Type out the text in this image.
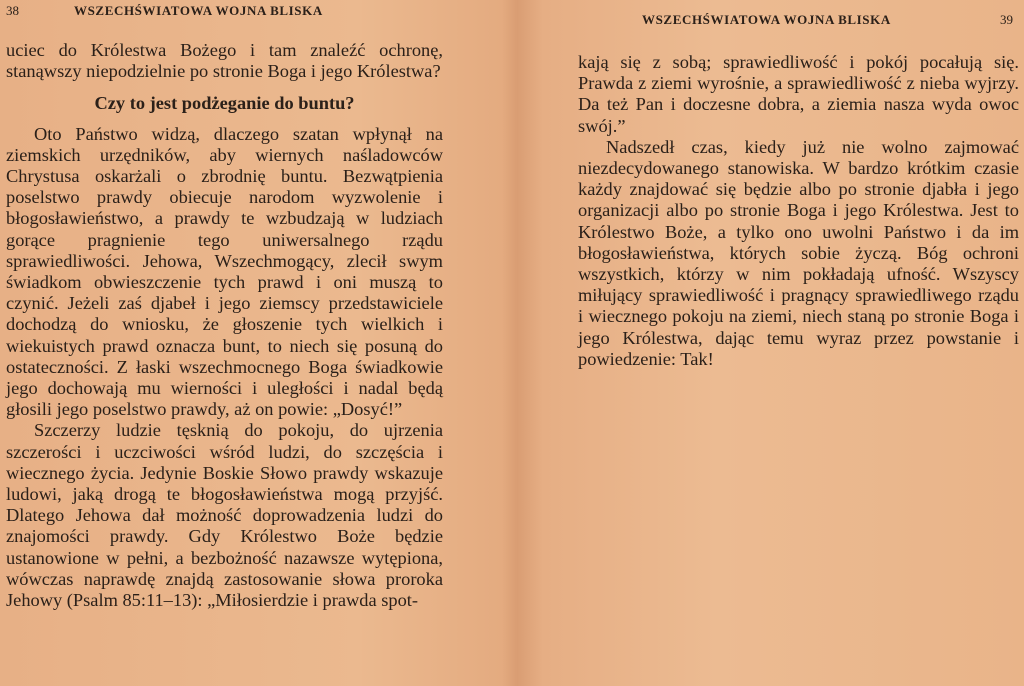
38	WSZECHŚWIATOWA WOJNA BLISKA

uciec do Królestwa Bożego i tam znaleźć ochronę, stanąwszy niepodzielnie po stronie Boga i jego Królestwa?

Czy to jest podżeganie do buntu?

Oto Państwo widzą, dlaczego szatan wpłynął na ziemskich urzędników, aby wiernych naśladowców Chrystusa oskarżali o zbrodnię buntu. Bezwątpienia poselstwo prawdy obiecuje narodom wyzwolenie i błogosławieństwo, a prawdy te wzbudzają w ludziach gorące pragnienie tego uniwersalnego rządu sprawiedliwości. Jehowa, Wszechmogący, zlecił swym świadkom obwieszczenie tych prawd i oni muszą to czynić. Jeżeli zaś djabeł i jego ziemscy przedstawiciele dochodzą do wniosku, że głoszenie tych wielkich i wiekuistych prawd oznacza bunt, to niech się posuną do ostateczności. Z łaski wszechmocnego Boga świadkowie jego dochowają mu wierności i uległości i nadal będą głosili jego poselstwo prawdy, aż on powie: „Dosyć!”

Szczerzy ludzie tęsknią do pokoju, do ujrzenia szczerości i uczciwości wśród ludzi, do szczęścia i wiecznego życia. Jedynie Boskie Słowo prawdy wskazuje ludowi, jaką drogą te błogosławieństwa mogą przyjść. Dlatego Jehowa dał możność doprowadzenia ludzi do znajomości prawdy. Gdy Królestwo Boże będzie ustanowione w pełni, a bezbożność nazawsze wytępiona, wówczas naprawdę znajdą zastosowanie słowa proroka Jehowy (Psalm 85:11–13): „Miłosierdzie i prawda spot-

WSZECHŚWIATOWA WOJNA BLISKA	39

kają się z sobą; sprawiedliwość i pokój pocałują się. Prawda z ziemi wyrośnie, a sprawiedliwość z nieba wyjrzy. Da też Pan i doczesne dobra, a ziemia nasza wyda owoc swój.”

Nadszedł czas, kiedy już nie wolno zajmować niezdecydowanego stanowiska. W bardzo krótkim czasie każdy znajdować się będzie albo po stronie djabła i jego organizacji albo po stronie Boga i jego Królestwa. Jest to Królestwo Boże, a tylko ono uwolni Państwo i da im błogosławieństwa, których sobie życzą. Bóg ochroni wszystkich, którzy w nim pokładają ufność. Wszyscy miłujący sprawiedliwość i pragnący sprawiedliwego rządu i wiecznego pokoju na ziemi, niech staną po stronie Boga i jego Królestwa, dając temu wyraz przez powstanie i powiedzenie: Tak!
